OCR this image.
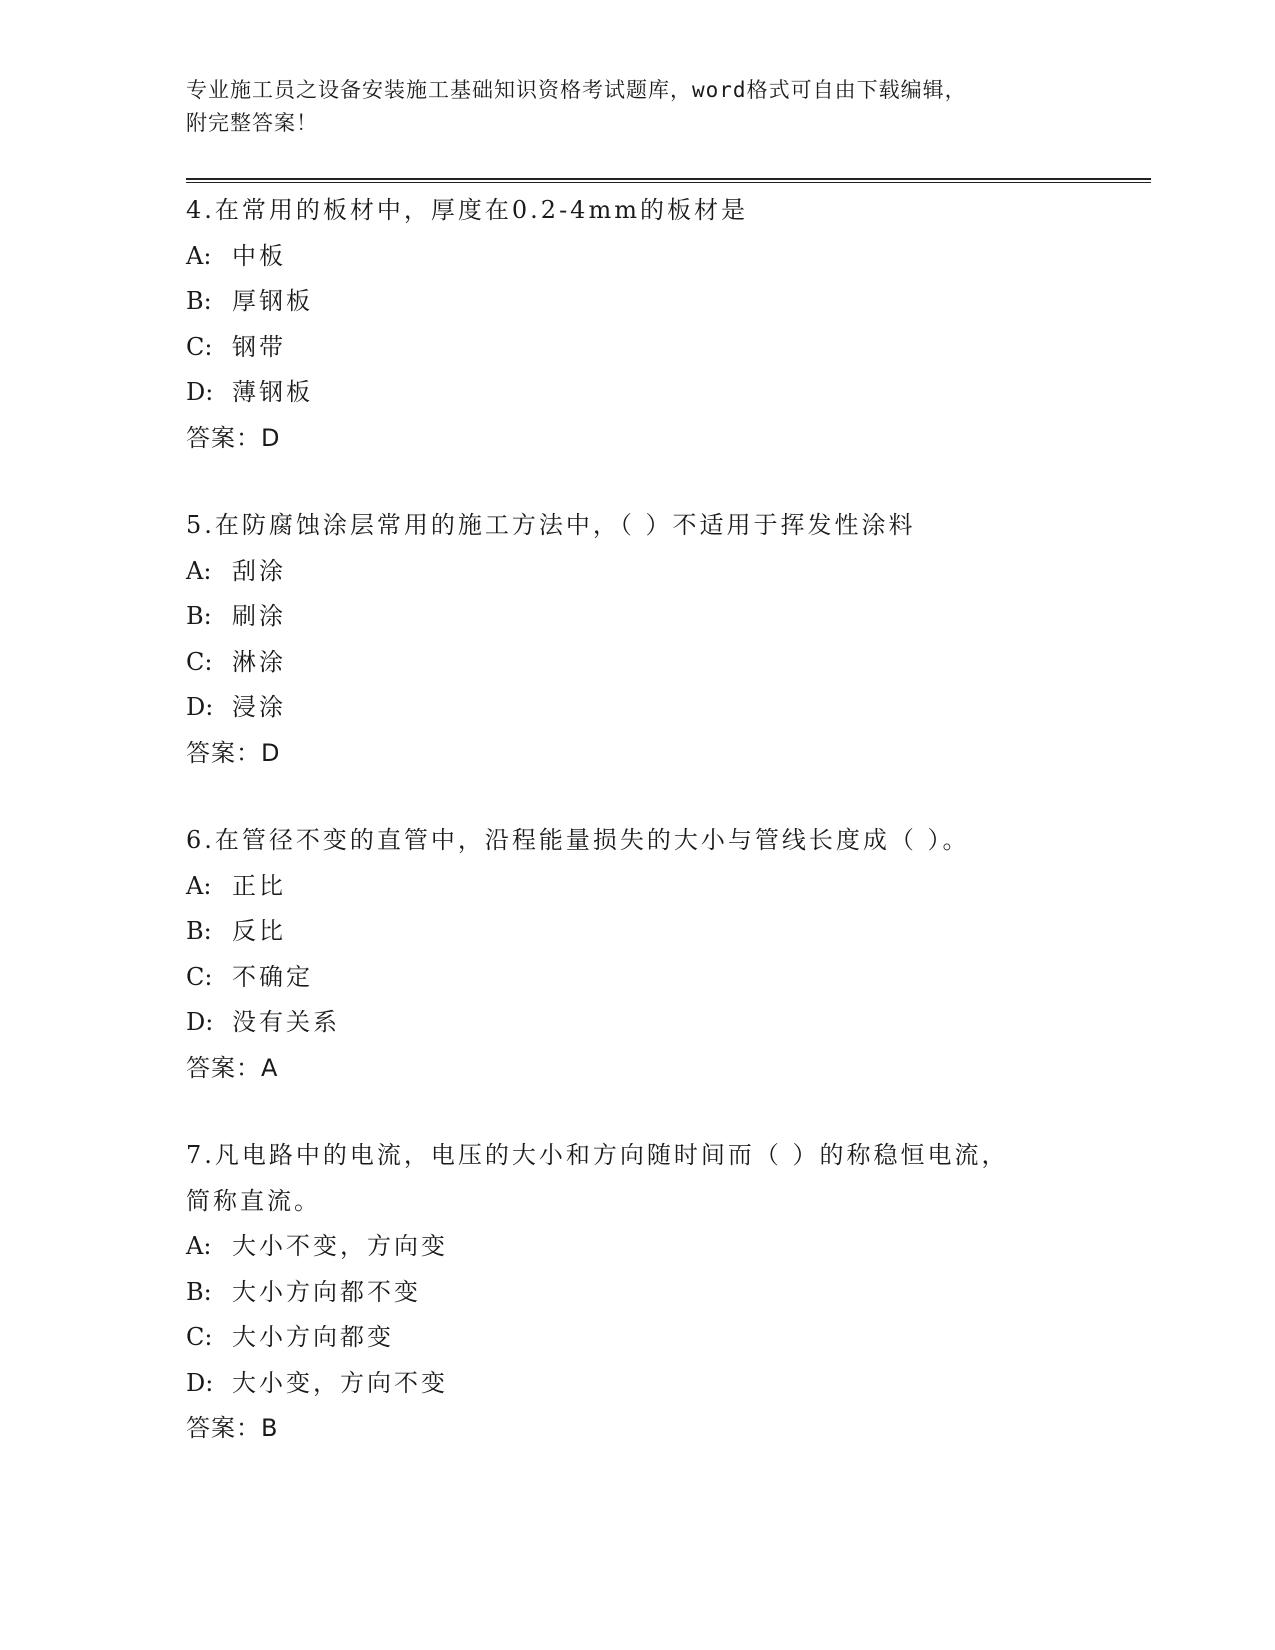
专业施工员之设备安装施工基础知识资格考试题库，word格式可自由下载编辑，
附完整答案！
4.在常用的板材中，厚度在0.2-4mm的板材是
A: 中板
B: 厚钢板
C: 钢带
D: 薄钢板
答案：D
5.在防腐蚀涂层常用的施工方法中，（ ）不适用于挥发性涂料
A: 刮涂
B: 刷涂
C: 淋涂
D: 浸涂
答案：D
6.在管径不变的直管中，沿程能量损失的大小与管线长度成（ ）。
A: 正比
B: 反比
C: 不确定
D: 没有关系
答案：A
7.凡电路中的电流，电压的大小和方向随时间而（ ）的称稳恒电流，
简称直流。
A: 大小不变，方向变
B: 大小方向都不变
C: 大小方向都变
D: 大小变，方向不变
答案：B
